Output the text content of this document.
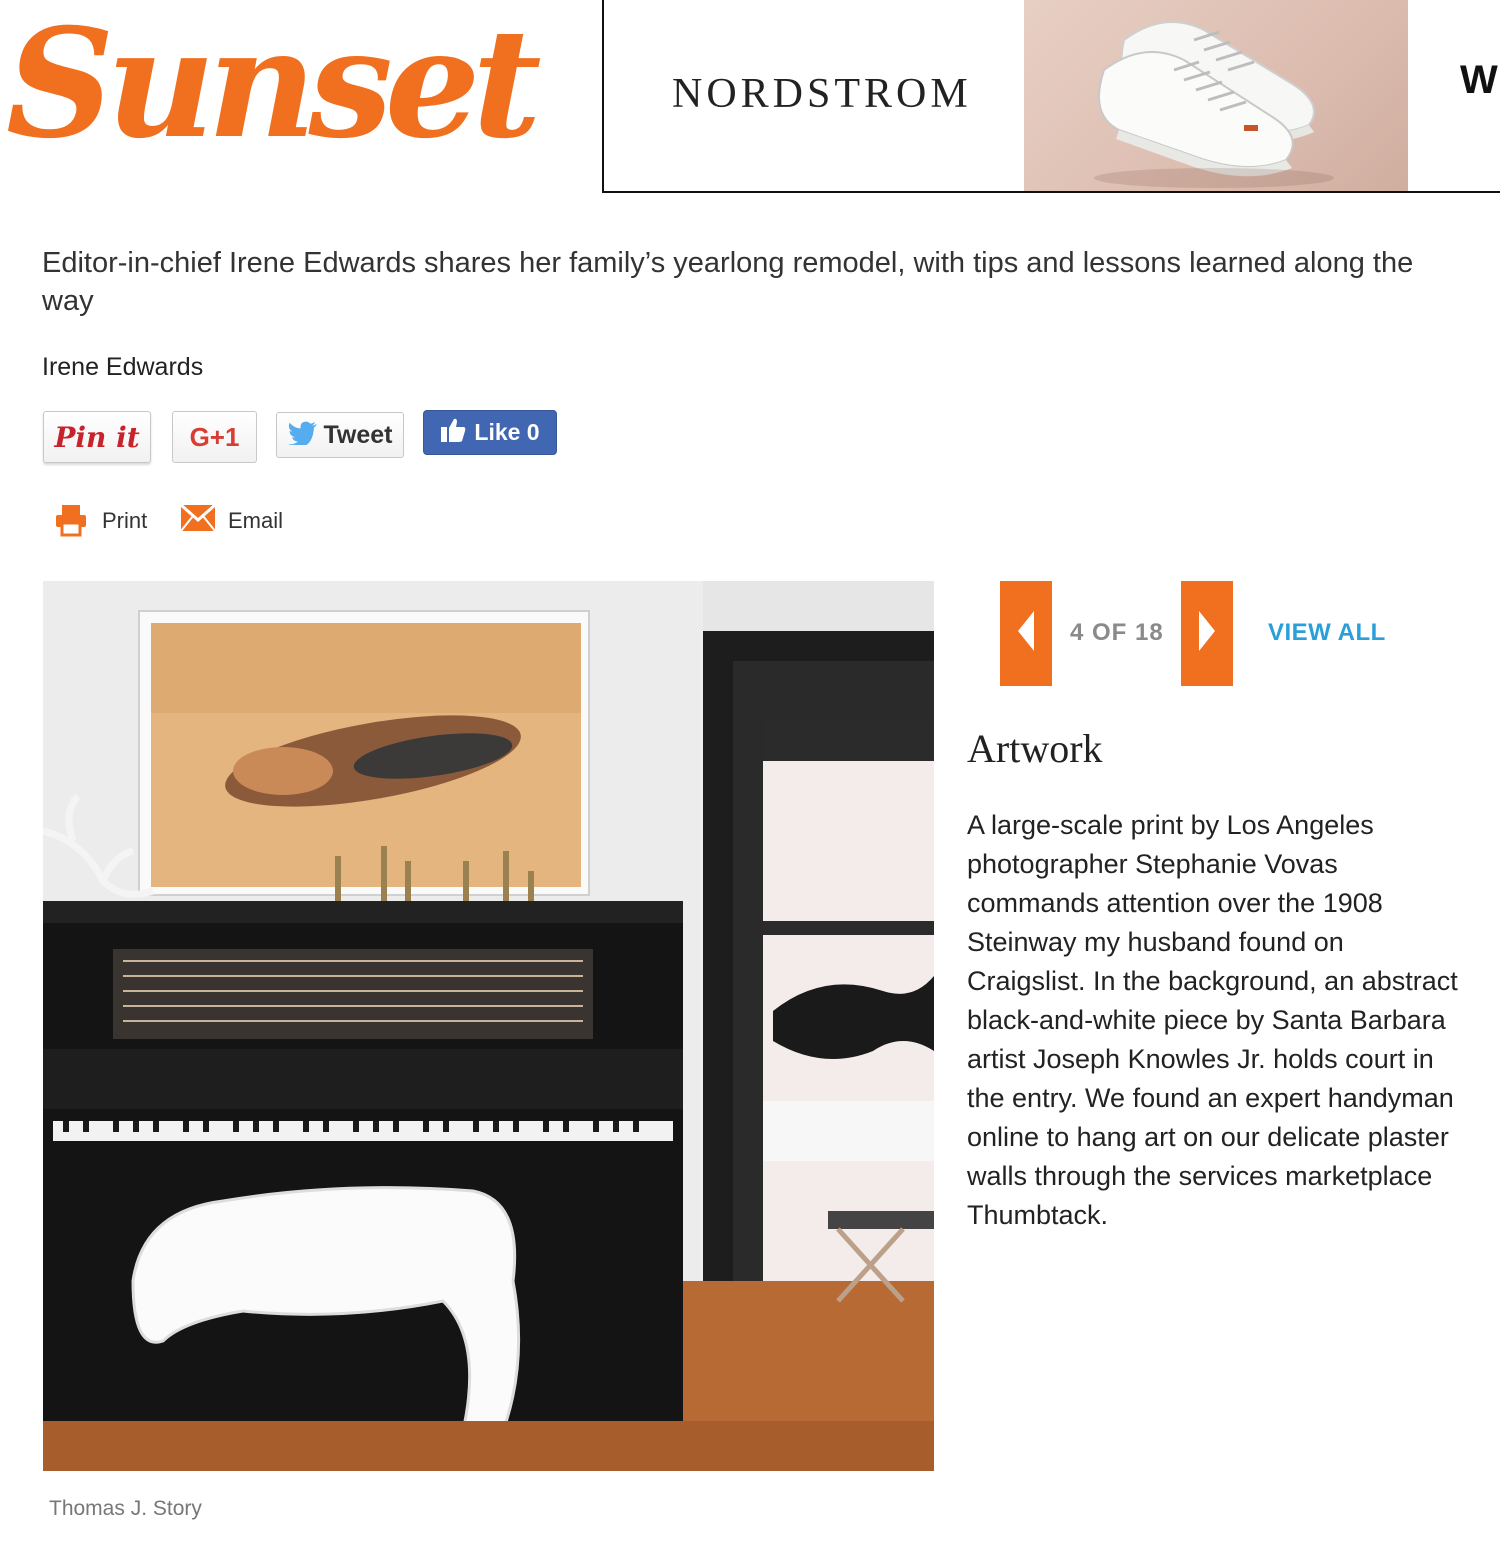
Sunset	NORDSTROM	W
Editor-in-chief Irene Edwards shares her family’s yearlong remodel, with tips and lessons learned along the way
Irene Edwards
Pin it G+1	Tweet	Like 0
Print	Email
Thomas J. Story
4 OF 18	VIEW ALL
Artwork
A large-scale print by Los Angeles photographer Stephanie Vovas commands attention over the 1908 Steinway my husband found on Craigslist. In the background, an abstract black-and-white piece by Santa Barbara artist Joseph Knowles Jr. holds court in the entry. We found an expert handyman online to hang art on our delicate plaster walls through the services marketplace Thumbtack.
